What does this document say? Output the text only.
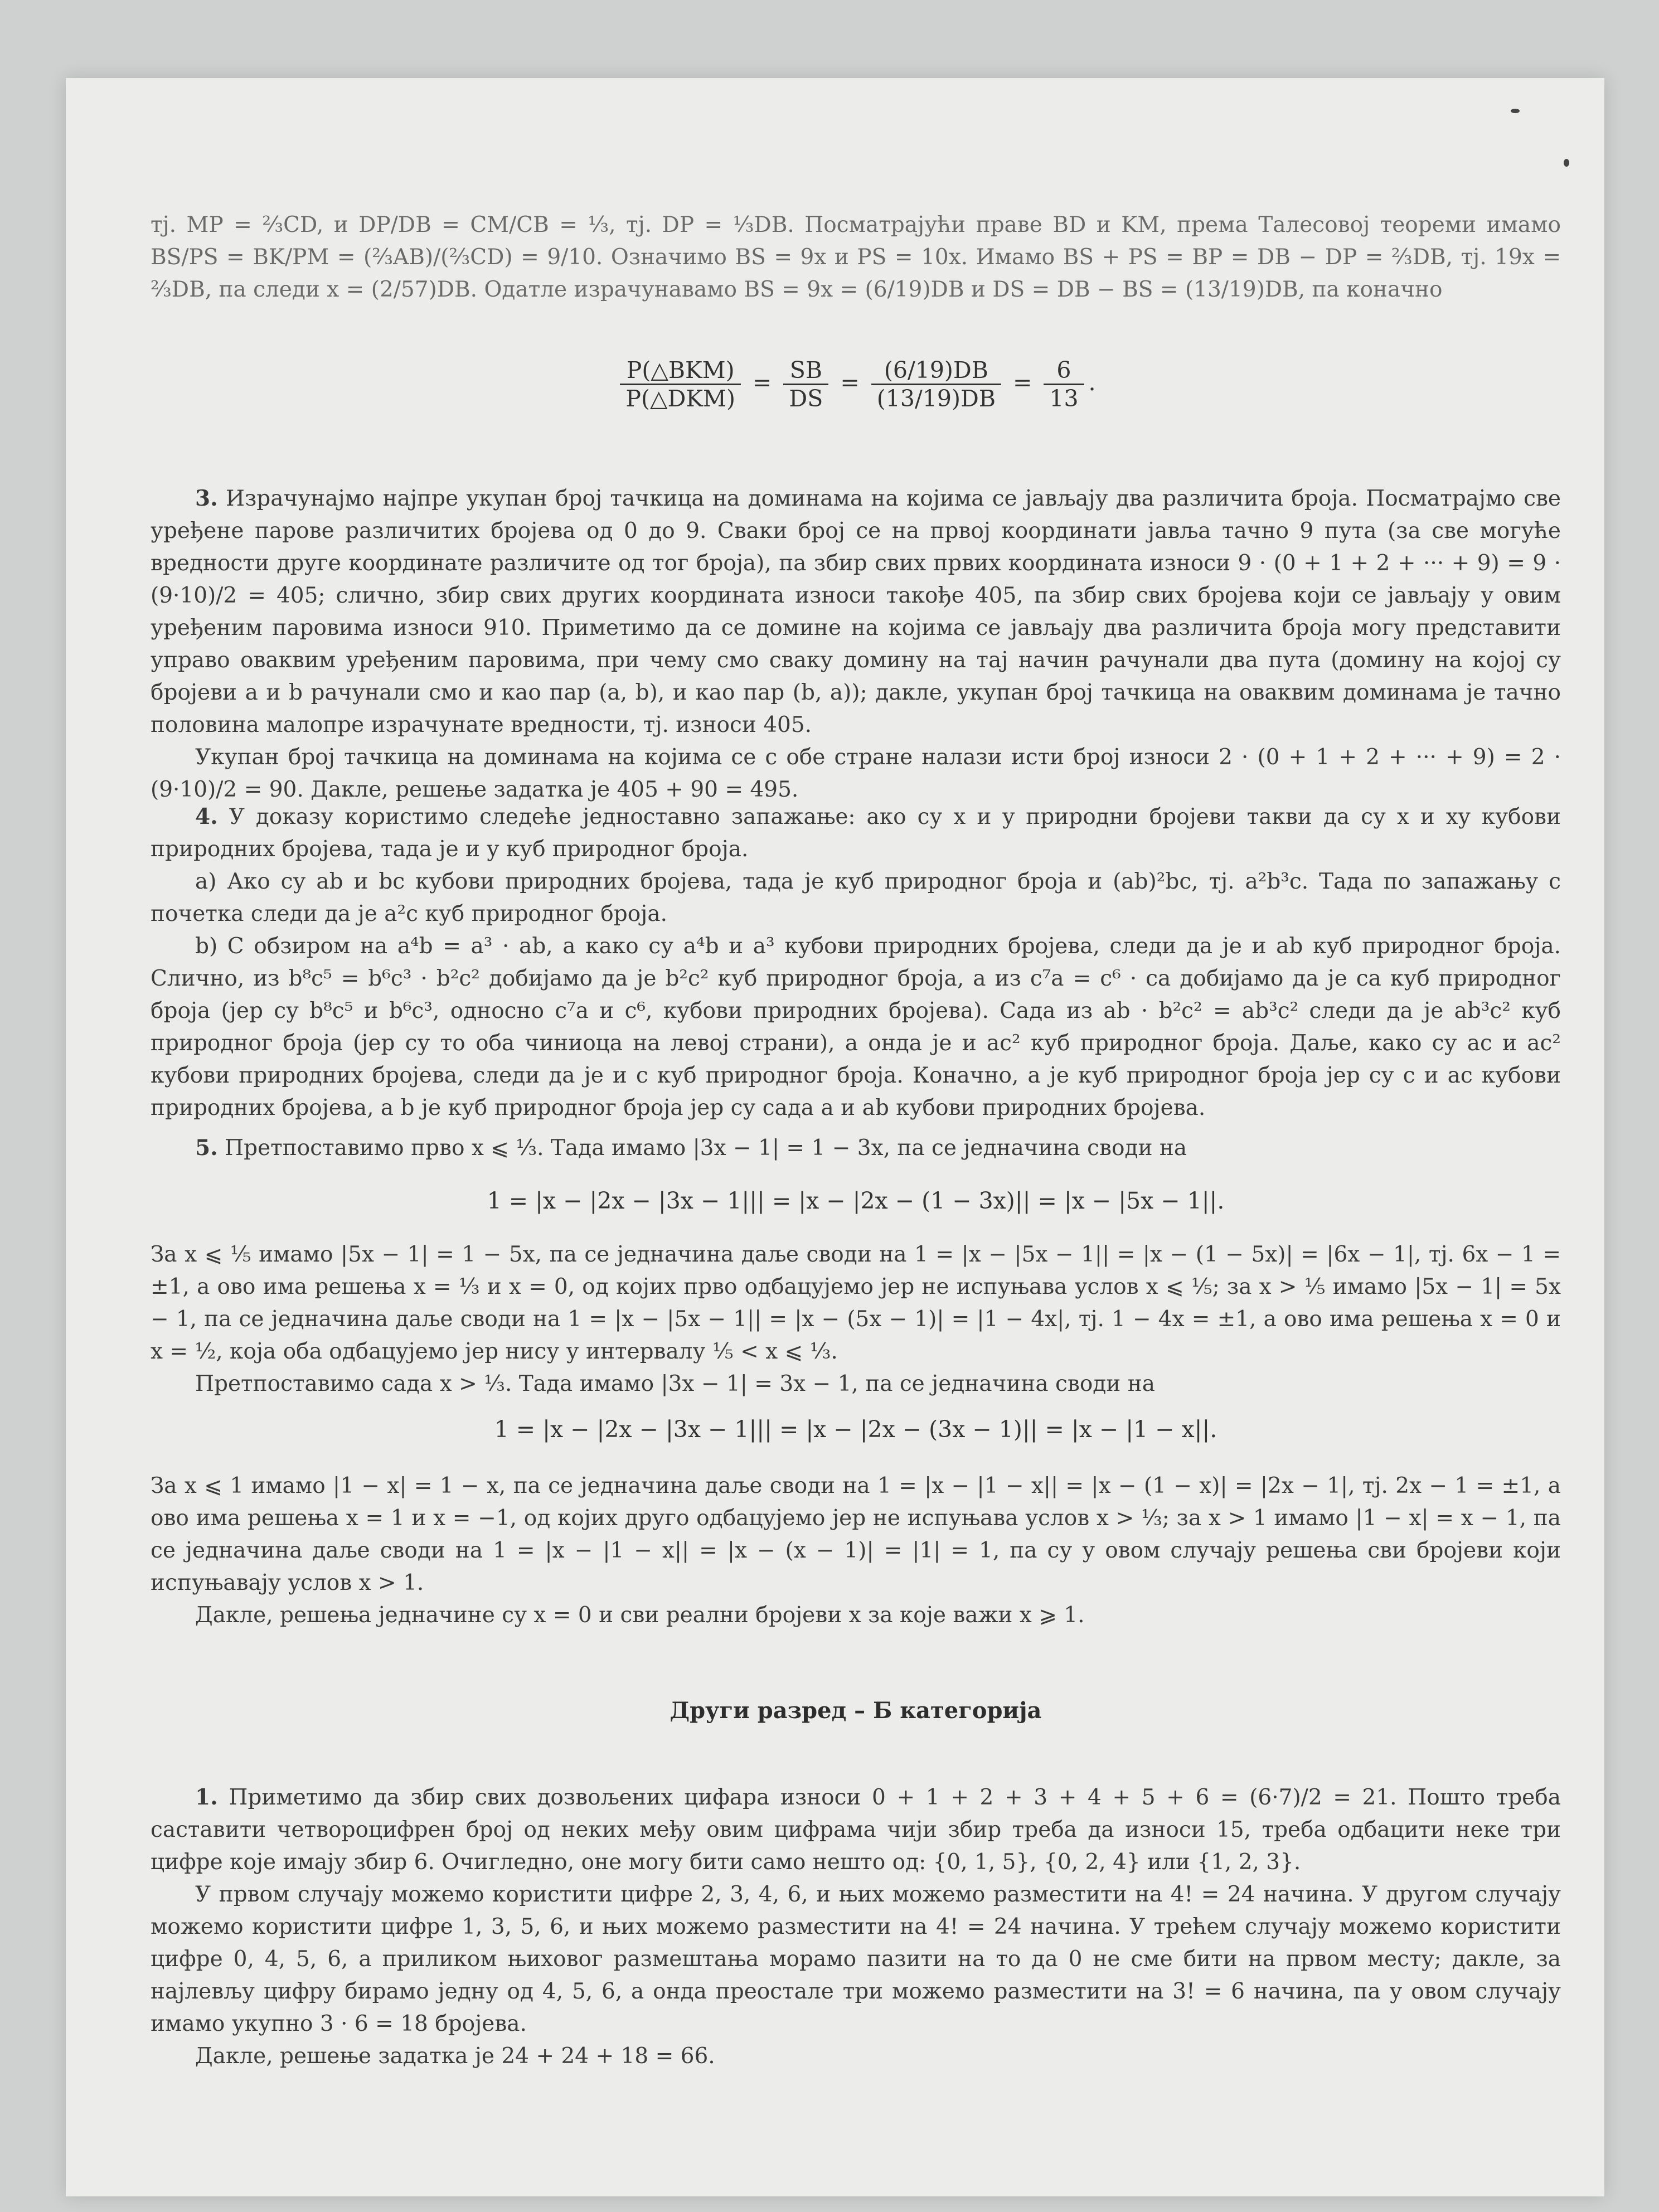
тј. MP = ⅔CD, и DP/DB = CM/CB = ⅓, тј. DP = ⅓DB. Посматрајући праве BD и KM, према Талесовој теореми имамо BS/PS = BK/PM = (⅔AB)/(⅔CD) = 9/10. Означимо BS = 9x и PS = 10x. Имамо BS + PS = BP = DB − DP = ⅔DB, тј. 19x = ⅔DB, па следи x = (2/57)DB. Одатле израчунавамо BS = 9x = (6/19)DB и DS = DB − BS = (13/19)DB, па коначно

$\frac{\text{P(△BKM)}}{\text{P(△DKM)}} = \frac{SB}{DS} = \frac{(6/19)DB}{(13/19)DB} = \frac{6}{13}$ .

3. Израчунајмо најпре укупан број тачкица на доминама на којима се јављају два различита броја. Посматрајмо све уређене парове различитих бројева од 0 до 9. Сваки број се на првој координати јавља тачно 9 пута (за све могуће вредности друге координате различите од тог броја), па збир свих првих координата износи 9 · (0 + 1 + 2 + ··· + 9) = 9 · (9·10)/2 = 405; слично, збир свих других координата износи такође 405, па збир свих бројева који се јављају у овим уређеним паровима износи 910. Приметимо да се домине на којима се јављају два различита броја могу представити управо оваквим уређеним паровима, при чему смо сваку домину на тај начин рачунали два пута (домину на којој су бројеви a и b рачунали смо и као пар (a, b), и као пар (b, a)); дакле, укупан број тачкица на оваквим доминама је тачно половина малопре израчунате вредности, тј. износи 405.

Укупан број тачкица на доминама на којима се с обе стране налази исти број износи 2 · (0 + 1 + 2 + ··· + 9) = 2 · (9·10)/2 = 90. Дакле, решење задатка је 405 + 90 = 495.

4. У доказу користимо следеће једноставно запажање: ако су x и y природни бројеви такви да су x и xy кубови природних бројева, тада је и y куб природног броја.

a) Ако су ab и bc кубови природних бројева, тада је куб природног броја и (ab)²bc, тј. a²b³c. Тада по запажању с почетка следи да је a²c куб природног броја.

b) С обзиром на a⁴b = a³ · ab, а како су a⁴b и a³ кубови природних бројева, следи да је и ab куб природног броја. Слично, из b⁸c⁵ = b⁶c³ · b²c² добијамо да је b²c² куб природног броја, а из c⁷a = c⁶ · ca добијамо да је ca куб природног броја (јер су b⁸c⁵ и b⁶c³, односно c⁷a и c⁶, кубови природних бројева). Сада из ab · b²c² = ab³c² следи да је ab³c² куб природног броја (јер су то оба чиниоца на левој страни), а онда је и ac² куб природног броја. Даље, како су ac и ac² кубови природних бројева, следи да је и c куб природног броја. Коначно, a је куб природног броја јер су c и ac кубови природних бројева, а b је куб природног броја јер су сада a и ab кубови природних бројева.

5. Претпоставимо прво x ⩽ ⅓. Тада имамо |3x − 1| = 1 − 3x, па се једначина своди на

1 = |x − |2x − |3x − 1||| = |x − |2x − (1 − 3x)|| = |x − |5x − 1||.

За x ⩽ ⅕ имамо |5x − 1| = 1 − 5x, па се једначина даље своди на 1 = |x − |5x − 1|| = |x − (1 − 5x)| = |6x − 1|, тј. 6x − 1 = ±1, а ово има решења x = ⅓ и x = 0, од којих прво одбацујемо јер не испуњава услов x ⩽ ⅕; за x > ⅕ имамо |5x − 1| = 5x − 1, па се једначина даље своди на 1 = |x − |5x − 1|| = |x − (5x − 1)| = |1 − 4x|, тј. 1 − 4x = ±1, а ово има решења x = 0 и x = ½, која оба одбацујемо јер нису у интервалу ⅕ < x ⩽ ⅓.

Претпоставимо сада x > ⅓. Тада имамо |3x − 1| = 3x − 1, па се једначина своди на

1 = |x − |2x − |3x − 1||| = |x − |2x − (3x − 1)|| = |x − |1 − x||.

За x ⩽ 1 имамо |1 − x| = 1 − x, па се једначина даље своди на 1 = |x − |1 − x|| = |x − (1 − x)| = |2x − 1|, тј. 2x − 1 = ±1, а ово има решења x = 1 и x = −1, од којих друго одбацујемо јер не испуњава услов x > ⅓; за x > 1 имамо |1 − x| = x − 1, па се једначина даље своди на 1 = |x − |1 − x|| = |x − (x − 1)| = |1| = 1, па су у овом случају решења сви бројеви који испуњавају услов x > 1.

Дакле, решења једначине су x = 0 и сви реални бројеви x за које важи x ⩾ 1.

Други разред – Б категорија

1. Приметимо да збир свих дозвољених цифара износи 0 + 1 + 2 + 3 + 4 + 5 + 6 = (6·7)/2 = 21. Пошто треба саставити четвороцифрен број од неких међу овим цифрама чији збир треба да износи 15, треба одбацити неке три цифре које имају збир 6. Очигледно, оне могу бити само нешто од: {0, 1, 5}, {0, 2, 4} или {1, 2, 3}.

У првом случају можемо користити цифре 2, 3, 4, 6, и њих можемо разместити на 4! = 24 начина. У другом случају можемо користити цифре 1, 3, 5, 6, и њих можемо разместити на 4! = 24 начина. У трећем случају можемо користити цифре 0, 4, 5, 6, а приликом њиховог размештања морамо пазити на то да 0 не сме бити на првом месту; дакле, за најлевљу цифру бирамо једну од 4, 5, 6, а онда преостале три можемо разместити на 3! = 6 начина, па у овом случају имамо укупно 3 · 6 = 18 бројева.

Дакле, решење задатка је 24 + 24 + 18 = 66.
